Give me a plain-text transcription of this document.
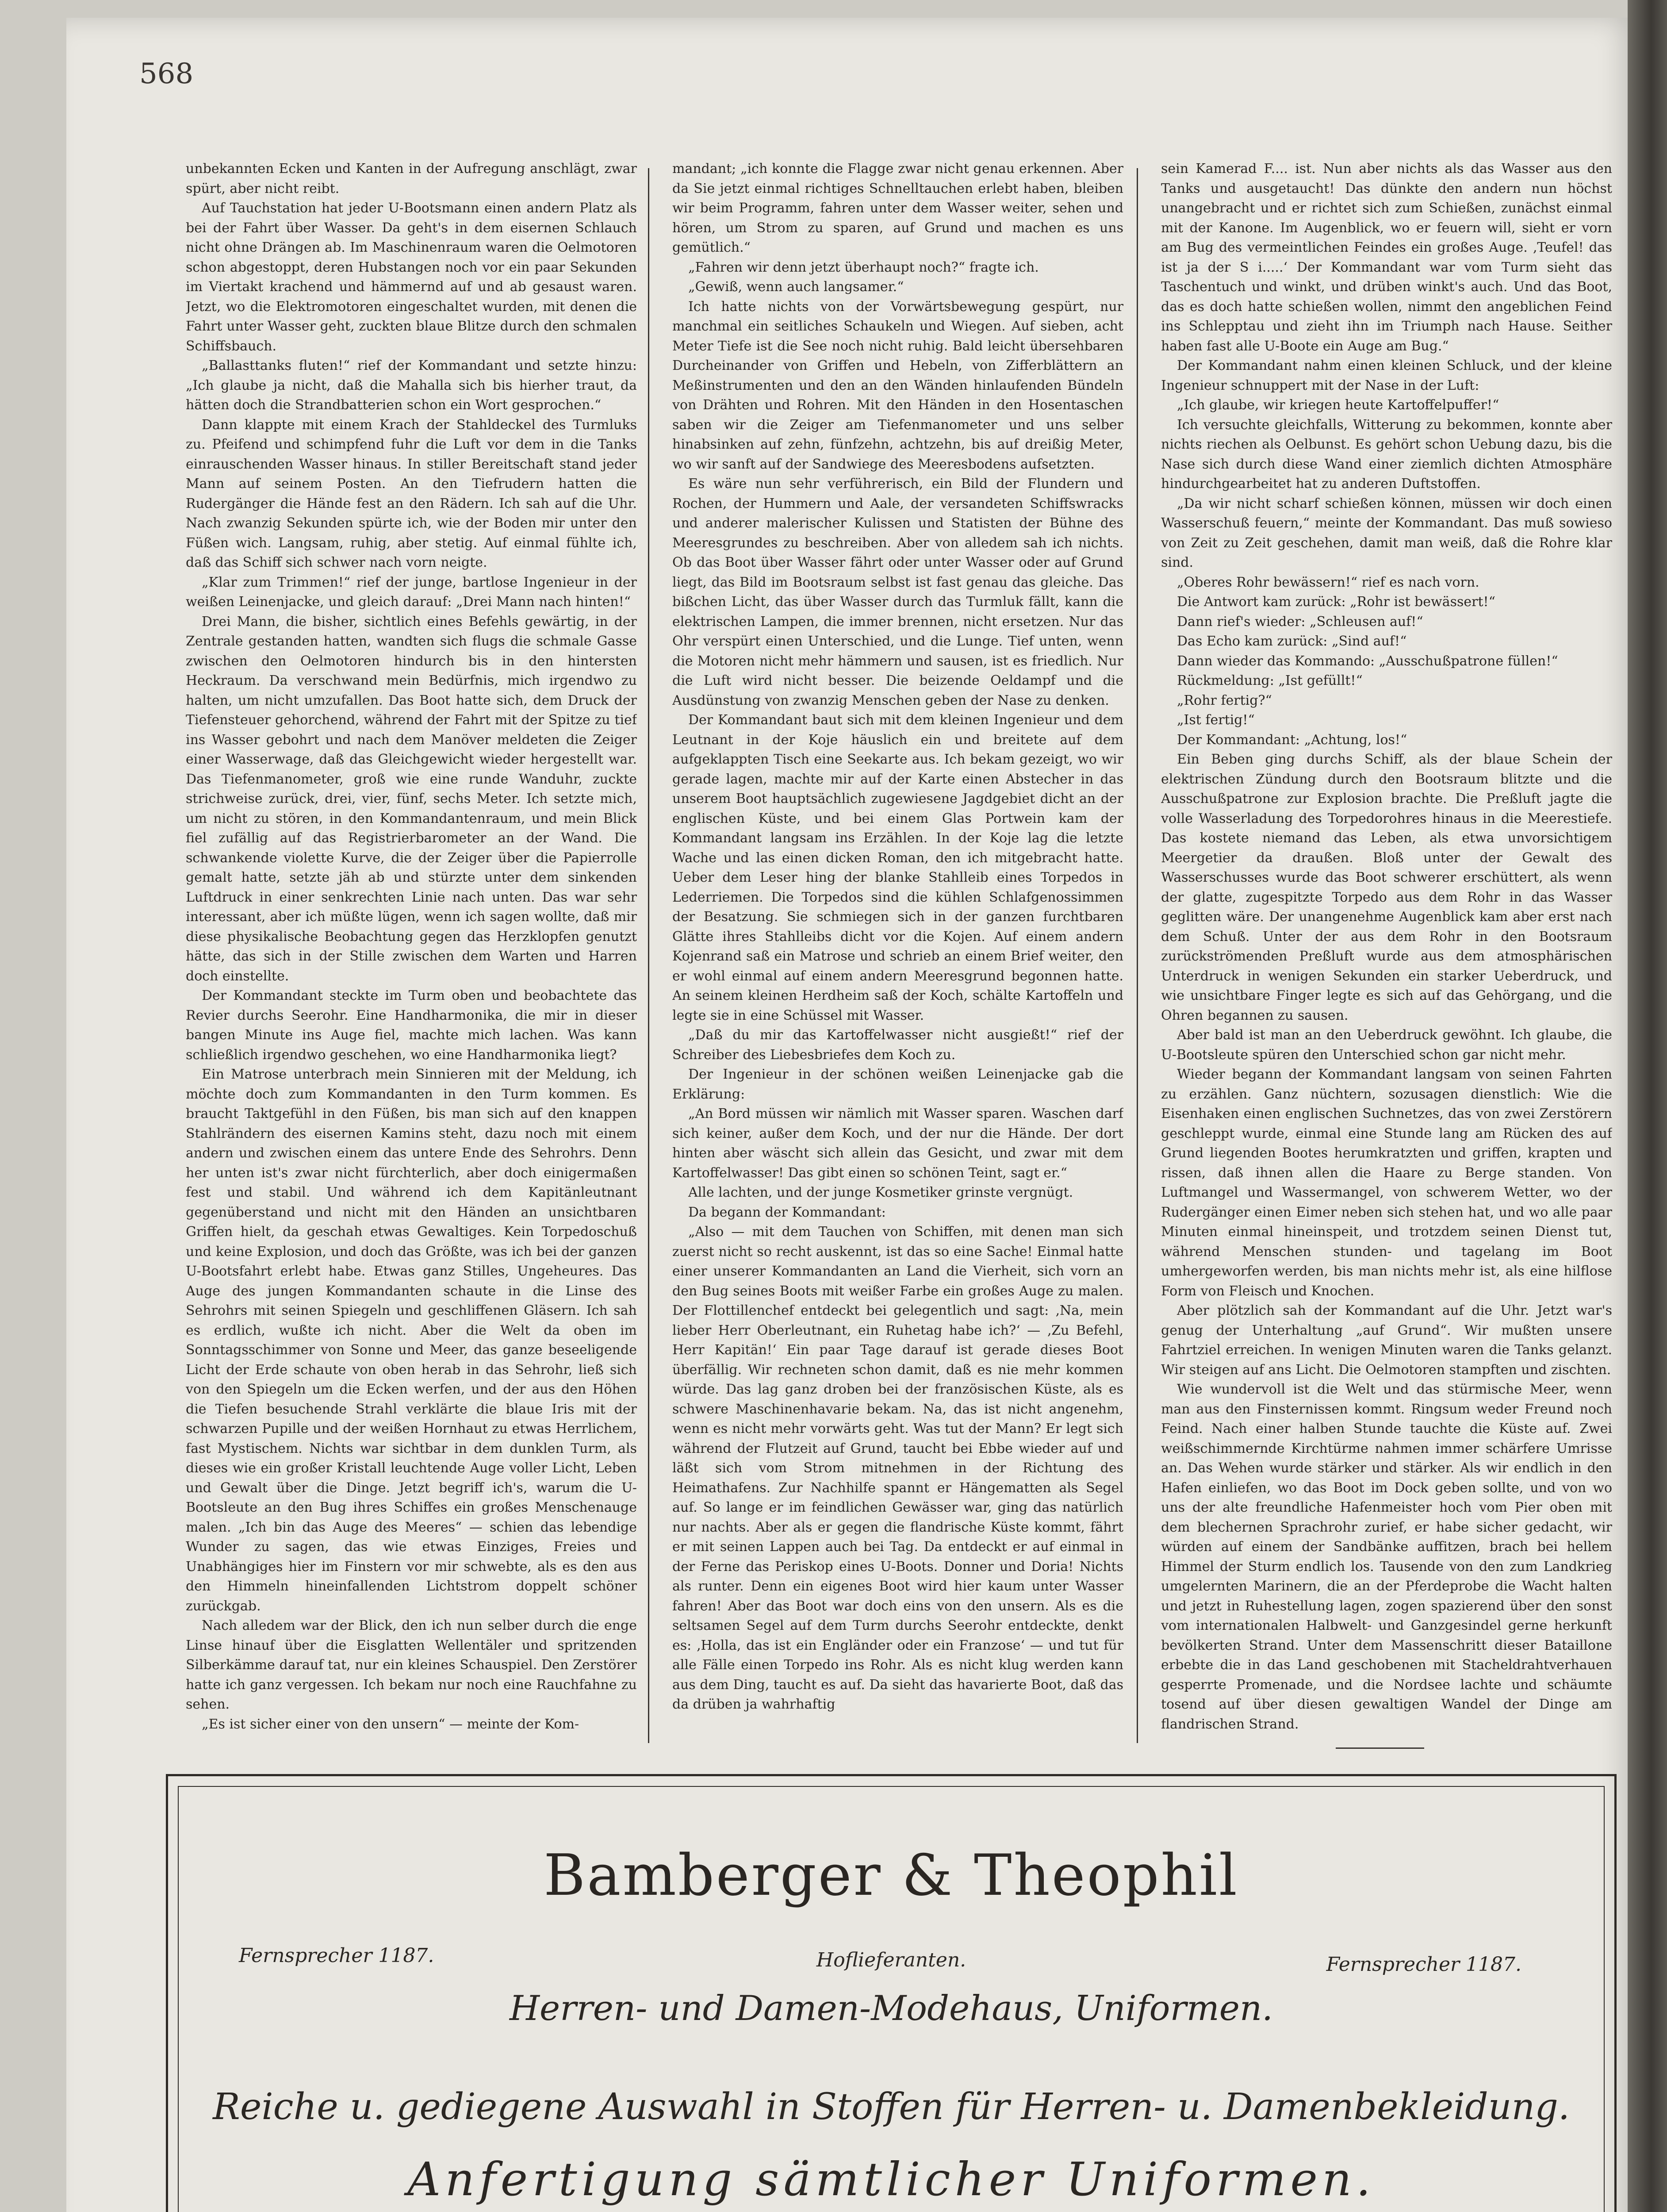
568

unbekannten Ecken und Kanten in der Aufregung anschlägt, zwar spürt, aber nicht reibt.

Auf Tauchstation hat jeder U-Bootsmann einen andern Platz als bei der Fahrt über Wasser. Da geht's in dem eisernen Schlauch nicht ohne Drängen ab. Im Maschinenraum waren die Oelmotoren schon abgestoppt, deren Hubstangen noch vor ein paar Sekunden im Viertakt krachend und hämmernd auf und ab gesaust waren. Jetzt, wo die Elektromotoren eingeschaltet wurden, mit denen die Fahrt unter Wasser geht, zuckten blaue Blitze durch den schmalen Schiffsbauch.

„Ballasttanks fluten!“ rief der Kommandant und setzte hinzu: „Ich glaube ja nicht, daß die Mahalla sich bis hierher traut, da hätten doch die Strandbatterien schon ein Wort gesprochen.“

Dann klappte mit einem Krach der Stahldeckel des Turmluks zu. Pfeifend und schimpfend fuhr die Luft vor dem in die Tanks einrauschenden Wasser hinaus. In stiller Bereitschaft stand jeder Mann auf seinem Posten. An den Tiefrudern hatten die Rudergänger die Hände fest an den Rädern. Ich sah auf die Uhr. Nach zwanzig Sekunden spürte ich, wie der Boden mir unter den Füßen wich. Langsam, ruhig, aber stetig. Auf einmal fühlte ich, daß das Schiff sich schwer nach vorn neigte.

„Klar zum Trimmen!“ rief der junge, bartlose Ingenieur in der weißen Leinenjacke, und gleich darauf: „Drei Mann nach hinten!“

Drei Mann, die bisher, sichtlich eines Befehls gewärtig, in der Zentrale gestanden hatten, wandten sich flugs die schmale Gasse zwischen den Oelmotoren hindurch bis in den hintersten Heckraum. Da verschwand mein Bedürfnis, mich irgendwo zu halten, um nicht umzufallen. Das Boot hatte sich, dem Druck der Tiefensteuer gehorchend, während der Fahrt mit der Spitze zu tief ins Wasser gebohrt und nach dem Manöver meldeten die Zeiger einer Wasserwage, daß das Gleichgewicht wieder hergestellt war. Das Tiefenmanometer, groß wie eine runde Wanduhr, zuckte strichweise zurück, drei, vier, fünf, sechs Meter. Ich setzte mich, um nicht zu stören, in den Kommandantenraum, und mein Blick fiel zufällig auf das Registrierbarometer an der Wand. Die schwankende violette Kurve, die der Zeiger über die Papierrolle gemalt hatte, setzte jäh ab und stürzte unter dem sinkenden Luftdruck in einer senkrechten Linie nach unten. Das war sehr interessant, aber ich müßte lügen, wenn ich sagen wollte, daß mir diese physikalische Beobachtung gegen das Herzklopfen genutzt hätte, das sich in der Stille zwischen dem Warten und Harren doch einstellte.

Der Kommandant steckte im Turm oben und beobachtete das Revier durchs Seerohr. Eine Handharmonika, die mir in dieser bangen Minute ins Auge fiel, machte mich lachen. Was kann schließlich irgendwo geschehen, wo eine Handharmonika liegt?

Ein Matrose unterbrach mein Sinnieren mit der Meldung, ich möchte doch zum Kommandanten in den Turm kommen. Es braucht Taktgefühl in den Füßen, bis man sich auf den knappen Stahlrändern des eisernen Kamins steht, dazu noch mit einem andern und zwischen einem das untere Ende des Sehrohrs. Denn her unten ist's zwar nicht fürchterlich, aber doch einigermaßen fest und stabil. Und während ich dem Kapitänleutnant gegenüberstand und nicht mit den Händen an unsichtbaren Griffen hielt, da geschah etwas Gewaltiges. Kein Torpedoschuß und keine Explosion, und doch das Größte, was ich bei der ganzen U-Bootsfahrt erlebt habe. Etwas ganz Stilles, Ungeheures. Das Auge des jungen Kommandanten schaute in die Linse des Sehrohrs mit seinen Spiegeln und geschliffenen Gläsern. Ich sah es erdlich, wußte ich nicht. Aber die Welt da oben im Sonntagsschimmer von Sonne und Meer, das ganze beseeligende Licht der Erde schaute von oben herab in das Sehrohr, ließ sich von den Spiegeln um die Ecken werfen, und der aus den Höhen die Tiefen besuchende Strahl verklärte die blaue Iris mit der schwarzen Pupille und der weißen Hornhaut zu etwas Herrlichem, fast Mystischem. Nichts war sichtbar in dem dunklen Turm, als dieses wie ein großer Kristall leuchtende Auge voller Licht, Leben und Gewalt über die Dinge. Jetzt begriff ich's, warum die U-Bootsleute an den Bug ihres Schiffes ein großes Menschenauge malen. „Ich bin das Auge des Meeres“ — schien das lebendige Wunder zu sagen, das wie etwas Einziges, Freies und Unabhängiges hier im Finstern vor mir schwebte, als es den aus den Himmeln hineinfallenden Lichtstrom doppelt schöner zurückgab.

Nach alledem war der Blick, den ich nun selber durch die enge Linse hinauf über die Eisglatten Wellentäler und spritzenden Silberkämme darauf tat, nur ein kleines Schauspiel. Den Zerstörer hatte ich ganz vergessen. Ich bekam nur noch eine Rauchfahne zu sehen.

„Es ist sicher einer von den unsern“ — meinte der Kom-

mandant; „ich konnte die Flagge zwar nicht genau erkennen. Aber da Sie jetzt einmal richtiges Schnelltauchen erlebt haben, bleiben wir beim Programm, fahren unter dem Wasser weiter, sehen und hören, um Strom zu sparen, auf Grund und machen es uns gemütlich.“

„Fahren wir denn jetzt überhaupt noch?“ fragte ich.

„Gewiß, wenn auch langsamer.“

Ich hatte nichts von der Vorwärtsbewegung gespürt, nur manchmal ein seitliches Schaukeln und Wiegen. Auf sieben, acht Meter Tiefe ist die See noch nicht ruhig. Bald leicht übersehbaren Durcheinander von Griffen und Hebeln, von Zifferblättern an Meßinstrumenten und den an den Wänden hinlaufenden Bündeln von Drähten und Rohren. Mit den Händen in den Hosentaschen saben wir die Zeiger am Tiefenmanometer und uns selber hinabsinken auf zehn, fünfzehn, achtzehn, bis auf dreißig Meter, wo wir sanft auf der Sandwiege des Meeresbodens aufsetzten.

Es wäre nun sehr verführerisch, ein Bild der Flundern und Rochen, der Hummern und Aale, der versandeten Schiffswracks und anderer malerischer Kulissen und Statisten der Bühne des Meeresgrundes zu beschreiben. Aber von alledem sah ich nichts. Ob das Boot über Wasser fährt oder unter Wasser oder auf Grund liegt, das Bild im Bootsraum selbst ist fast genau das gleiche. Das bißchen Licht, das über Wasser durch das Turmluk fällt, kann die elektrischen Lampen, die immer brennen, nicht ersetzen. Nur das Ohr verspürt einen Unterschied, und die Lunge. Tief unten, wenn die Motoren nicht mehr hämmern und sausen, ist es friedlich. Nur die Luft wird nicht besser. Die beizende Oeldampf und die Ausdünstung von zwanzig Menschen geben der Nase zu denken.

Der Kommandant baut sich mit dem kleinen Ingenieur und dem Leutnant in der Koje häuslich ein und breitete auf dem aufgeklappten Tisch eine Seekarte aus. Ich bekam gezeigt, wo wir gerade lagen, machte mir auf der Karte einen Abstecher in das unserem Boot hauptsächlich zugewiesene Jagdgebiet dicht an der englischen Küste, und bei einem Glas Portwein kam der Kommandant langsam ins Erzählen. In der Koje lag die letzte Wache und las einen dicken Roman, den ich mitgebracht hatte. Ueber dem Leser hing der blanke Stahlleib eines Torpedos in Lederriemen. Die Torpedos sind die kühlen Schlafgenossimmen der Besatzung. Sie schmiegen sich in der ganzen furchtbaren Glätte ihres Stahlleibs dicht vor die Kojen. Auf einem andern Kojenrand saß ein Matrose und schrieb an einem Brief weiter, den er wohl einmal auf einem andern Meeresgrund begonnen hatte. An seinem kleinen Herdheim saß der Koch, schälte Kartoffeln und legte sie in eine Schüssel mit Wasser.

„Daß du mir das Kartoffelwasser nicht ausgießt!“ rief der Schreiber des Liebesbriefes dem Koch zu.

Der Ingenieur in der schönen weißen Leinenjacke gab die Erklärung:

„An Bord müssen wir nämlich mit Wasser sparen. Waschen darf sich keiner, außer dem Koch, und der nur die Hände. Der dort hinten aber wäscht sich allein das Gesicht, und zwar mit dem Kartoffelwasser! Das gibt einen so schönen Teint, sagt er.“

Alle lachten, und der junge Kosmetiker grinste vergnügt.

Da begann der Kommandant:

„Also — mit dem Tauchen von Schiffen, mit denen man sich zuerst nicht so recht auskennt, ist das so eine Sache! Einmal hatte einer unserer Kommandanten an Land die Vierheit, sich vorn an den Bug seines Boots mit weißer Farbe ein großes Auge zu malen. Der Flottillenchef entdeckt bei gelegentlich und sagt: ‚Na, mein lieber Herr Oberleutnant, ein Ruhetag habe ich?‘ — ‚Zu Befehl, Herr Kapitän!‘ Ein paar Tage darauf ist gerade dieses Boot überfällig. Wir rechneten schon damit, daß es nie mehr kommen würde. Das lag ganz droben bei der französischen Küste, als es schwere Maschinenhavarie bekam. Na, das ist nicht angenehm, wenn es nicht mehr vorwärts geht. Was tut der Mann? Er legt sich während der Flutzeit auf Grund, taucht bei Ebbe wieder auf und läßt sich vom Strom mitnehmen in der Richtung des Heimathafens. Zur Nachhilfe spannt er Hängematten als Segel auf. So lange er im feindlichen Gewässer war, ging das natürlich nur nachts. Aber als er gegen die flandrische Küste kommt, fährt er mit seinen Lappen auch bei Tag. Da entdeckt er auf einmal in der Ferne das Periskop eines U-Boots. Donner und Doria! Nichts als runter. Denn ein eigenes Boot wird hier kaum unter Wasser fahren! Aber das Boot war doch eins von den unsern. Als es die seltsamen Segel auf dem Turm durchs Seerohr entdeckte, denkt es: ‚Holla, das ist ein Engländer oder ein Franzose‘ — und tut für alle Fälle einen Torpedo ins Rohr. Als es nicht klug werden kann aus dem Ding, taucht es auf. Da sieht das havarierte Boot, daß das da drüben ja wahrhaftig

sein Kamerad F.... ist. Nun aber nichts als das Wasser aus den Tanks und ausgetaucht! Das dünkte den andern nun höchst unangebracht und er richtet sich zum Schießen, zunächst einmal mit der Kanone. Im Augenblick, wo er feuern will, sieht er vorn am Bug des vermeintlichen Feindes ein großes Auge. ‚Teufel! das ist ja der S i.....‘ Der Kommandant war vom Turm sieht das Taschentuch und winkt, und drüben winkt's auch. Und das Boot, das es doch hatte schießen wollen, nimmt den angeblichen Feind ins Schlepptau und zieht ihn im Triumph nach Hause. Seither haben fast alle U-Boote ein Auge am Bug.“

Der Kommandant nahm einen kleinen Schluck, und der kleine Ingenieur schnuppert mit der Nase in der Luft:

„Ich glaube, wir kriegen heute Kartoffelpuffer!“

Ich versuchte gleichfalls, Witterung zu bekommen, konnte aber nichts riechen als Oelbunst. Es gehört schon Uebung dazu, bis die Nase sich durch diese Wand einer ziemlich dichten Atmosphäre hindurchgearbeitet hat zu anderen Duftstoffen.

„Da wir nicht scharf schießen können, müssen wir doch einen Wasserschuß feuern,“ meinte der Kommandant. Das muß sowieso von Zeit zu Zeit geschehen, damit man weiß, daß die Rohre klar sind.

„Oberes Rohr bewässern!“ rief es nach vorn.

Die Antwort kam zurück: „Rohr ist bewässert!“

Dann rief's wieder: „Schleusen auf!“

Das Echo kam zurück: „Sind auf!“

Dann wieder das Kommando: „Ausschußpatrone füllen!“

Rückmeldung: „Ist gefüllt!“

„Rohr fertig?“

„Ist fertig!“

Der Kommandant: „Achtung, los!“

Ein Beben ging durchs Schiff, als der blaue Schein der elektrischen Zündung durch den Bootsraum blitzte und die Ausschußpatrone zur Explosion brachte. Die Preßluft jagte die volle Wasserladung des Torpedorohres hinaus in die Meerestiefe. Das kostete niemand das Leben, als etwa unvorsichtigem Meergetier da draußen. Bloß unter der Gewalt des Wasserschusses wurde das Boot schwerer erschüttert, als wenn der glatte, zugespitzte Torpedo aus dem Rohr in das Wasser geglitten wäre. Der unangenehme Augenblick kam aber erst nach dem Schuß. Unter der aus dem Rohr in den Bootsraum zurückströmenden Preßluft wurde aus dem atmosphärischen Unterdruck in wenigen Sekunden ein starker Ueberdruck, und wie unsichtbare Finger legte es sich auf das Gehörgang, und die Ohren begannen zu sausen.

Aber bald ist man an den Ueberdruck gewöhnt. Ich glaube, die U-Bootsleute spüren den Unterschied schon gar nicht mehr.

Wieder begann der Kommandant langsam von seinen Fahrten zu erzählen. Ganz nüchtern, sozusagen dienstlich: Wie die Eisenhaken einen englischen Suchnetzes, das von zwei Zerstörern geschleppt wurde, einmal eine Stunde lang am Rücken des auf Grund liegenden Bootes herumkratzten und griffen, krapten und rissen, daß ihnen allen die Haare zu Berge standen. Von Luftmangel und Wassermangel, von schwerem Wetter, wo der Rudergänger einen Eimer neben sich stehen hat, und wo alle paar Minuten einmal hineinspeit, und trotzdem seinen Dienst tut, während Menschen stunden- und tagelang im Boot umhergeworfen werden, bis man nichts mehr ist, als eine hilflose Form von Fleisch und Knochen.

Aber plötzlich sah der Kommandant auf die Uhr. Jetzt war's genug der Unterhaltung „auf Grund“. Wir mußten unsere Fahrtziel erreichen. In wenigen Minuten waren die Tanks gelanzt. Wir steigen auf ans Licht. Die Oelmotoren stampften und zischten.

Wie wundervoll ist die Welt und das stürmische Meer, wenn man aus den Finsternissen kommt. Ringsum weder Freund noch Feind. Nach einer halben Stunde tauchte die Küste auf. Zwei weißschimmernde Kirchtürme nahmen immer schärfere Umrisse an. Das Wehen wurde stärker und stärker. Als wir endlich in den Hafen einliefen, wo das Boot im Dock geben sollte, und von wo uns der alte freundliche Hafenmeister hoch vom Pier oben mit dem blechernen Sprachrohr zurief, er habe sicher gedacht, wir würden auf einem der Sandbänke auffitzen, brach bei hellem Himmel der Sturm endlich los. Tausende von den zum Landkrieg umgelernten Marinern, die an der Pferdeprobe die Wacht halten und jetzt in Ruhestellung lagen, zogen spazierend über den sonst vom internationalen Halbwelt- und Ganzgesindel gerne herkunft bevölkerten Strand. Unter dem Massenschritt dieser Bataillone erbebte die in das Land geschobenen mit Stacheldrahtverhauen gesperrte Promenade, und die Nordsee lachte und schäumte tosend auf über diesen gewaltigen Wandel der Dinge am flandrischen Strand.

Bamberger & Theophil
Fernsprecher 1187.	Fernsprecher 1187.
Hoflieferanten.
Herren- und Damen-Modehaus, Uniformen.
Reiche u. gediegene Auswahl in Stoffen für Herren- u. Damenbekleidung.
Anfertigung sämtlicher Uniformen.
